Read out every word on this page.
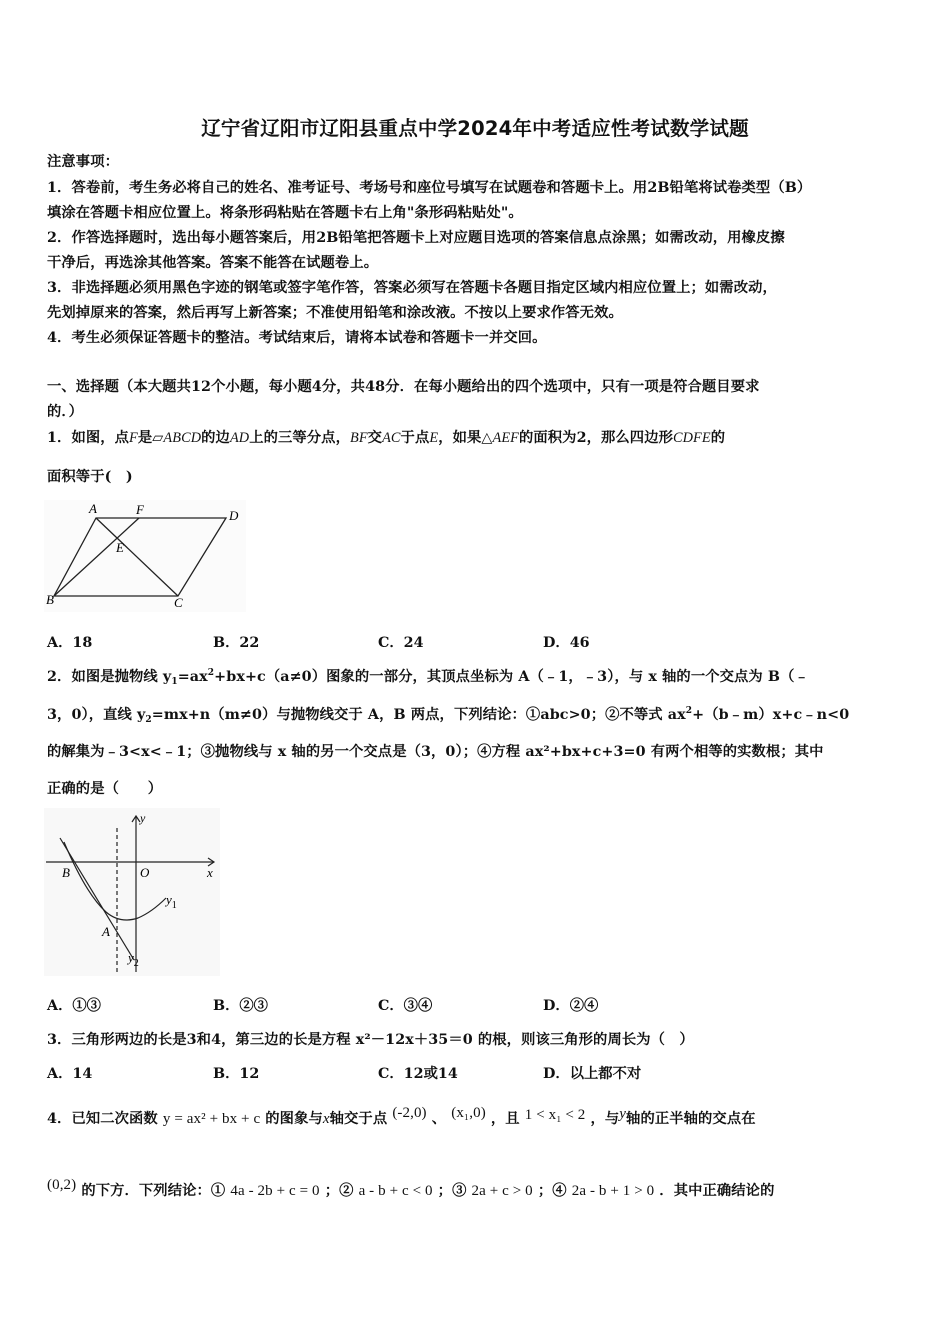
辽宁省辽阳市辽阳县重点中学2024年中考适应性考试数学试题
注意事项：
1．答卷前，考生务必将自己的姓名、准考证号、考场号和座位号填写在试题卷和答题卡上。用2B铅笔将试卷类型（B）
填涂在答题卡相应位置上。将条形码粘贴在答题卡右上角"条形码粘贴处"。
2．作答选择题时，选出每小题答案后，用2B铅笔把答题卡上对应题目选项的答案信息点涂黑；如需改动，用橡皮擦
干净后，再选涂其他答案。答案不能答在试题卷上。
3．非选择题必须用黑色字迹的钢笔或签字笔作答，答案必须写在答题卡各题目指定区域内相应位置上；如需改动，
先划掉原来的答案，然后再写上新答案；不准使用铅笔和涂改液。不按以上要求作答无效。
4．考生必须保证答题卡的整洁。考试结束后，请将本试卷和答题卡一并交回。
一、选择题（本大题共12个小题，每小题4分，共48分．在每小题给出的四个选项中，只有一项是符合题目要求
的．）
1．如图，点F是▱ABCD的边AD上的三等分点，BF交AC于点E，如果△AEF的面积为2，那么四边形CDFE的
面积等于(　)
A	F	D
E
B	C
A．18	B．22	C．24	D．46
2．如图是抛物线 $y_1=ax^2+bx+c(a\ne 0)$图象的一部分，其顶点坐标为 A（﹣1，﹣3），与 x 轴的一个交点为 B（﹣
3，0），直线 $y_2=mx+n(m\ne 0)$与抛物线交于 A，B 两点，下列结论：①abc>0；②不等式 $ax^2+(b﹣m)x+c﹣n<0$
的解集为﹣3<x<﹣1；③抛物线与 x 轴的另一个交点是（3，0）；④方程 ax²+bx+c+3=0 有两个相等的实数根；其中
正确的是（　　）
y
x
O
B
A
$y_1$
$y_2$
A．①③	B．②③	C．③④	D．②④
3．三角形两边的长是3和4，第三边的长是方程 x²－12x＋35＝0 的根，则该三角形的周长为（　）
A．14	B．12	C．12或14	D．以上都不对
4．已知二次函数 y = ax² + bx + c 的图象与x轴交于点 (-2,0) 、 (x₁,0) ，且 1 < x₁ < 2 ，与y轴的正半轴的交点在
(0,2) 的下方．下列结论：① 4a - 2b + c = 0 ；② a - b + c < 0 ；③ 2a + c > 0 ；④ 2a - b + 1 > 0 ．其中正确结论的
